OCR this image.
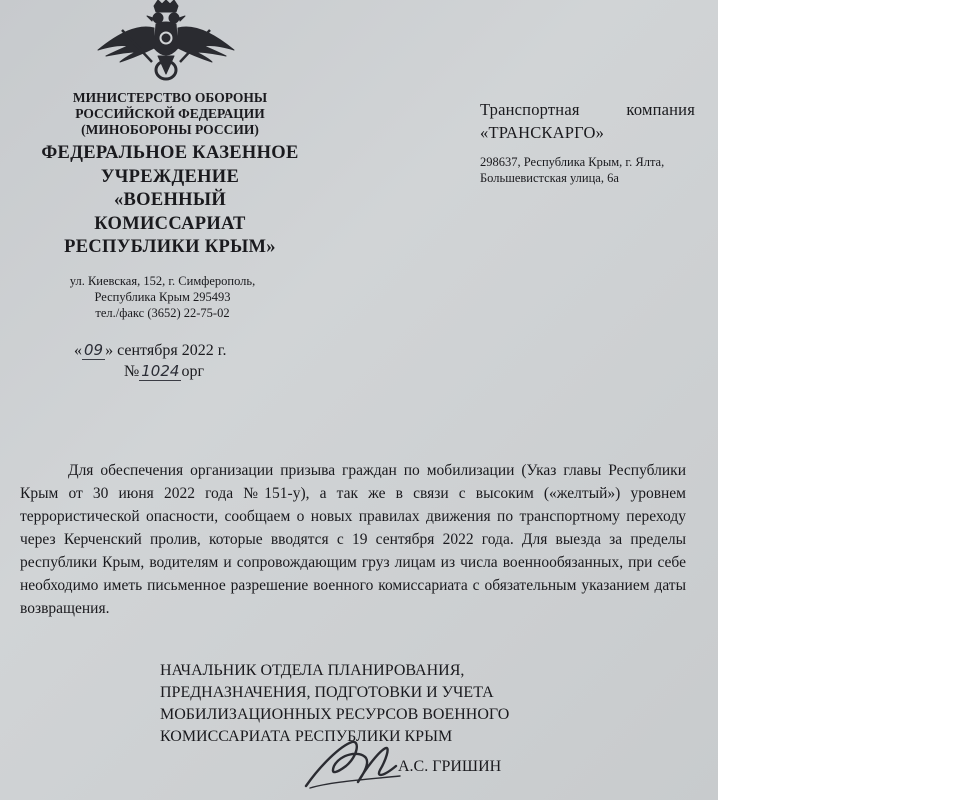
МИНИСТЕРСТВО ОБОРОНЫ
РОССИЙСКОЙ ФЕДЕРАЦИИ
(МИНОБОРОНЫ РОССИИ)
ФЕДЕРАЛЬНОЕ КАЗЕННОЕ
УЧРЕЖДЕНИЕ
«ВОЕННЫЙ
КОМИССАРИАТ
РЕСПУБЛИКИ КРЫМ»
ул. Киевская, 152, г. Симферополь,
Республика Крым 295493
тел./факс (3652) 22-75-02
« 09 » сентября 2022 г.
№ 1024 орг
Транспортная компания
«ТРАНСКАРГО»
298637, Республика Крым, г. Ялта, Большевистская улица, 6а

Для обеспечения организации призыва граждан по мобилизации (Указ главы Республики Крым от 30 июня 2022 года №151-у), а так же в связи с высоким («желтый») уровнем террористической опасности, сообщаем о новых правилах движения по транспортному переходу через Керченский пролив, которые вводятся с 19 сентября 2022 года. Для выезда за пределы республики Крым, водителям и сопровождающим груз лицам из числа военнообязанных, при себе необходимо иметь письменное разрешение военного комиссариата с обязательным указанием даты возвращения.

НАЧАЛЬНИК ОТДЕЛА ПЛАНИРОВАНИЯ,
ПРЕДНАЗНАЧЕНИЯ, ПОДГОТОВКИ И УЧЕТА
МОБИЛИЗАЦИОННЫХ РЕСУРСОВ ВОЕННОГО
КОМИССАРИАТА РЕСПУБЛИКИ КРЫМ
А.С. ГРИШИН
